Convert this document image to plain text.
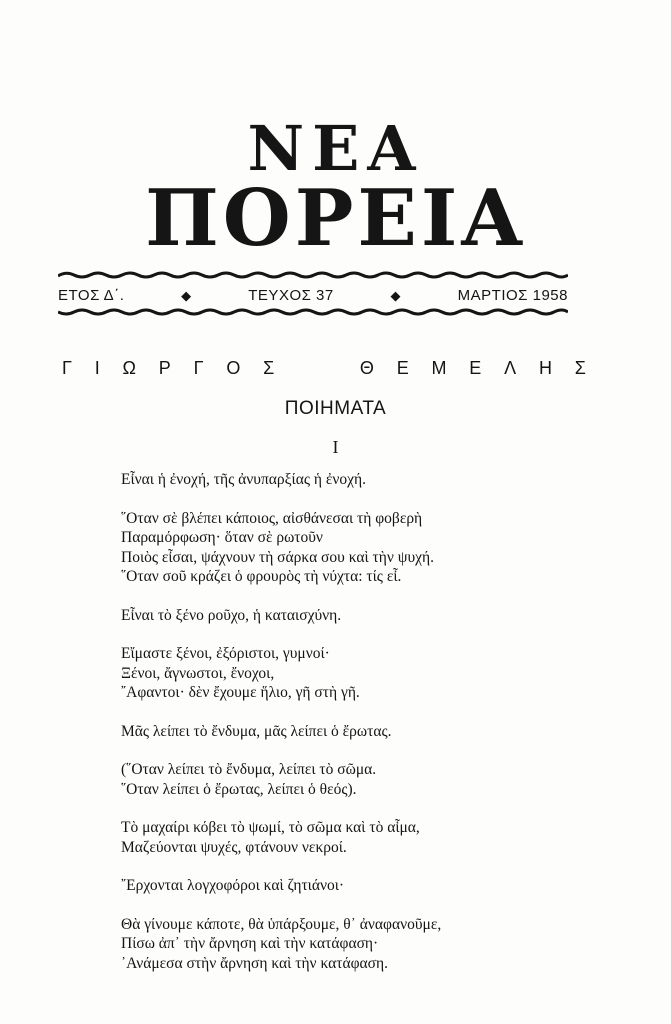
ΝΕΑ
ΠΟΡΕΙΑ
ΕΤΟΣ Δ΄.	◆	ΤΕΥΧΟΣ 37	◆	ΜΑΡΤΙΟΣ 1958
Γ Ι Ω Ρ Γ Ο Σ	Θ Ε Μ Ε Λ Η Σ
ΠΟΙΗΜΑΤΑ
Ι
Εἶναι ἡ ἐνοχή, τῆς ἀνυπαρξίας ἡ ἐνοχή.
῞Οταν σὲ βλέπει κάποιος, αἰσθάνεσαι τὴ φοβερὴ
Παραμόρφωση· ὅταν σὲ ρωτοῦν
Ποιὸς εἶσαι, ψάχνουν τὴ σάρκα σου καὶ τὴν ψυχή.
῞Οταν σοῦ κράζει ὁ φρουρὸς τὴ νύχτα: τίς εἶ.
Εἶναι τὸ ξένο ροῦχο, ἡ καταισχύνη.
Εἴμαστε ξένοι, ἐξόριστοι, γυμνοί·
Ξένοι, ἄγνωστοι, ἔνοχοι,
῎Αφαντοι· δὲν ἔχουμε ἥλιο, γῆ στὴ γῆ.
Μᾶς λείπει τὸ ἔνδυμα, μᾶς λείπει ὁ ἔρωτας.
(῞Οταν λείπει τὸ ἔνδυμα, λείπει τὸ σῶμα.
῞Οταν λείπει ὁ ἔρωτας, λείπει ὁ θεός).
Τὸ μαχαίρι κόβει τὸ ψωμί, τὸ σῶμα καὶ τὸ αἷμα,
Μαζεύονται ψυχές, φτάνουν νεκροί.
῎Ερχονται λογχοφόροι καὶ ζητιάνοι·
Θὰ γίνουμε κάποτε, θὰ ὑπάρξουμε, θ᾽ ἀναφανοῦμε,
Πίσω ἀπ᾽ τὴν ἄρνηση καὶ τὴν κατάφαση·
᾽Ανάμεσα στὴν ἄρνηση καὶ τὴν κατάφαση.
